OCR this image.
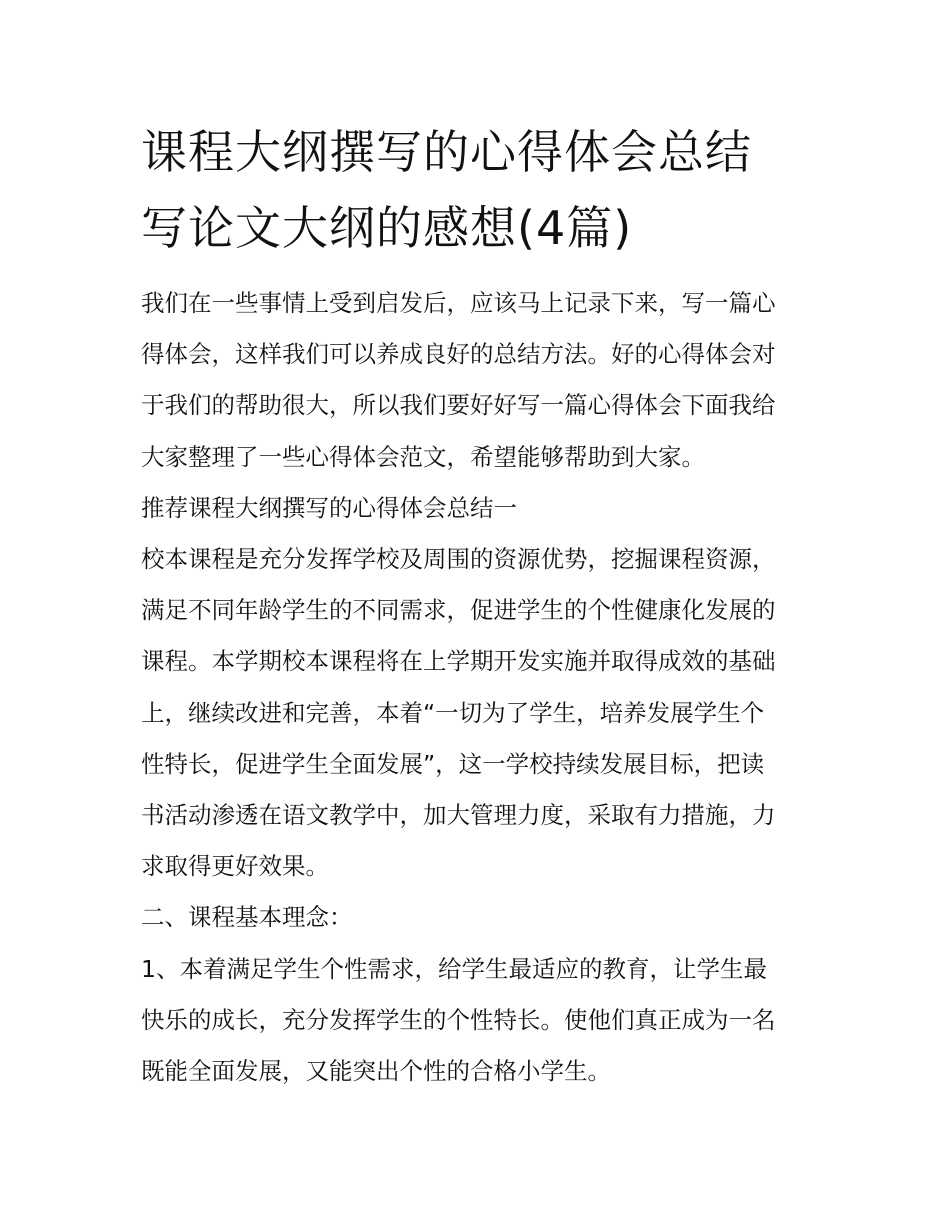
课程大纲撰写的心得体会总结
写论文大纲的感想(4篇)

我们在一些事情上受到启发后，应该马上记录下来，写一篇心
得体会，这样我们可以养成良好的总结方法。好的心得体会对
于我们的帮助很大，所以我们要好好写一篇心得体会下面我给
大家整理了一些心得体会范文，希望能够帮助到大家。

推荐课程大纲撰写的心得体会总结一

校本课程是充分发挥学校及周围的资源优势，挖掘课程资源，
满足不同年龄学生的不同需求，促进学生的个性健康化发展的
课程。本学期校本课程将在上学期开发实施并取得成效的基础
上，继续改进和完善，本着“一切为了学生，培养发展学生个
性特长，促进学生全面发展”，这一学校持续发展目标，把读
书活动渗透在语文教学中，加大管理力度，采取有力措施，力
求取得更好效果。

二、课程基本理念：

1、本着满足学生个性需求，给学生最适应的教育，让学生最
快乐的成长，充分发挥学生的个性特长。使他们真正成为一名
既能全面发展，又能突出个性的合格小学生。
